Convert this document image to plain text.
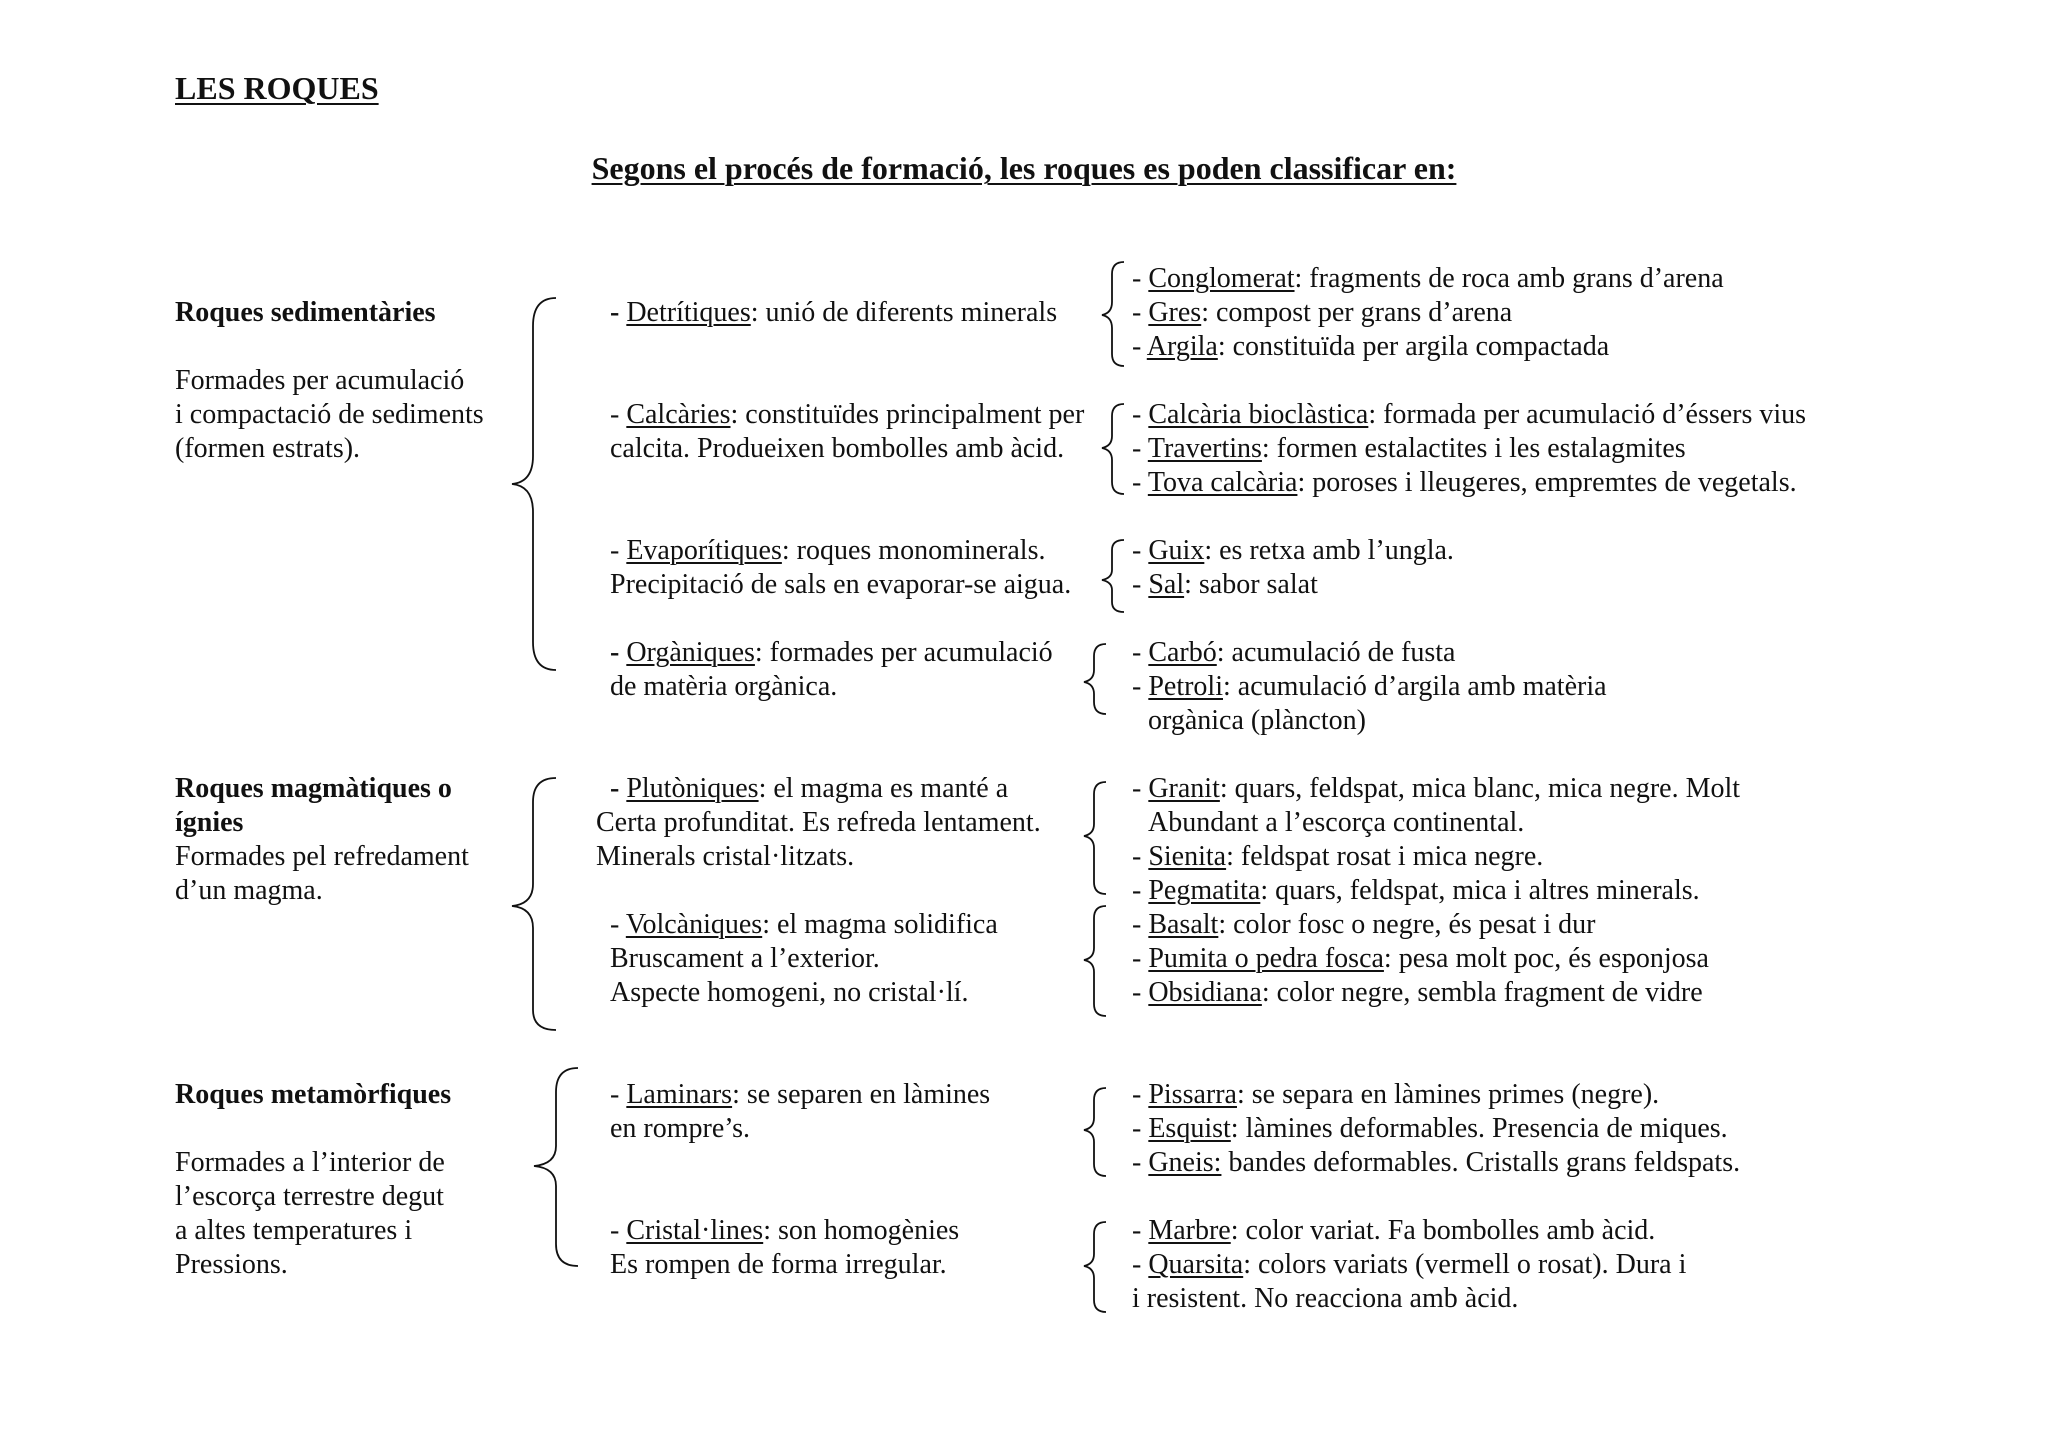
LES ROQUES
Segons el procés de formació, les roques es poden classificar en:
Roques sedimentàries
Formades per acumulació
i compactació de sediments
(formen estrats).
- Detrítiques: unió de diferents minerals
- Conglomerat: fragments de roca amb grans d’arena
- Gres: compost per grans d’arena
- Argila: constituïda per argila compactada
- Calcàries: constituïdes principalment per
calcita. Produeixen bombolles amb àcid.
- Calcària bioclàstica: formada per acumulació d’éssers vius
- Travertins: formen estalactites i les estalagmites
- Tova calcària: poroses i lleugeres, empremtes de vegetals.
- Evaporítiques: roques monominerals.
Precipitació de sals en evaporar-se aigua.
- Guix: es retxa amb l’ungla.
- Sal: sabor salat
- Orgàniques: formades per acumulació
de matèria orgànica.
- Carbó: acumulació de fusta
- Petroli: acumulació d’argila amb matèria
orgànica (plàncton)
Roques magmàtiques o
ígnies
Formades pel refredament
d’un magma.
- Plutòniques: el magma es manté a
Certa profunditat. Es refreda lentament.
Minerals cristal·litzats.
- Granit: quars, feldspat, mica blanc, mica negre. Molt
Abundant a l’escorça continental.
- Sienita: feldspat rosat i mica negre.
- Pegmatita: quars, feldspat, mica i altres minerals.
- Volcàniques: el magma solidifica
Bruscament a l’exterior.
Aspecte homogeni, no cristal·lí.
- Basalt: color fosc o negre, és pesat i dur
- Pumita o pedra fosca: pesa molt poc, és esponjosa
- Obsidiana: color negre, sembla fragment de vidre
Roques metamòrfiques
Formades a l’interior de
l’escorça terrestre degut
a altes temperatures i
Pressions.
- Laminars: se separen en làmines
en rompre’s.
- Pissarra: se separa en làmines primes (negre).
- Esquist: làmines deformables. Presencia de miques.
- Gneis: bandes deformables. Cristalls grans feldspats.
- Cristal·lines: son homogènies
Es rompen de forma irregular.
- Marbre: color variat. Fa bombolles amb àcid.
- Quarsita: colors variats (vermell o rosat). Dura i
i resistent. No reacciona amb àcid.
